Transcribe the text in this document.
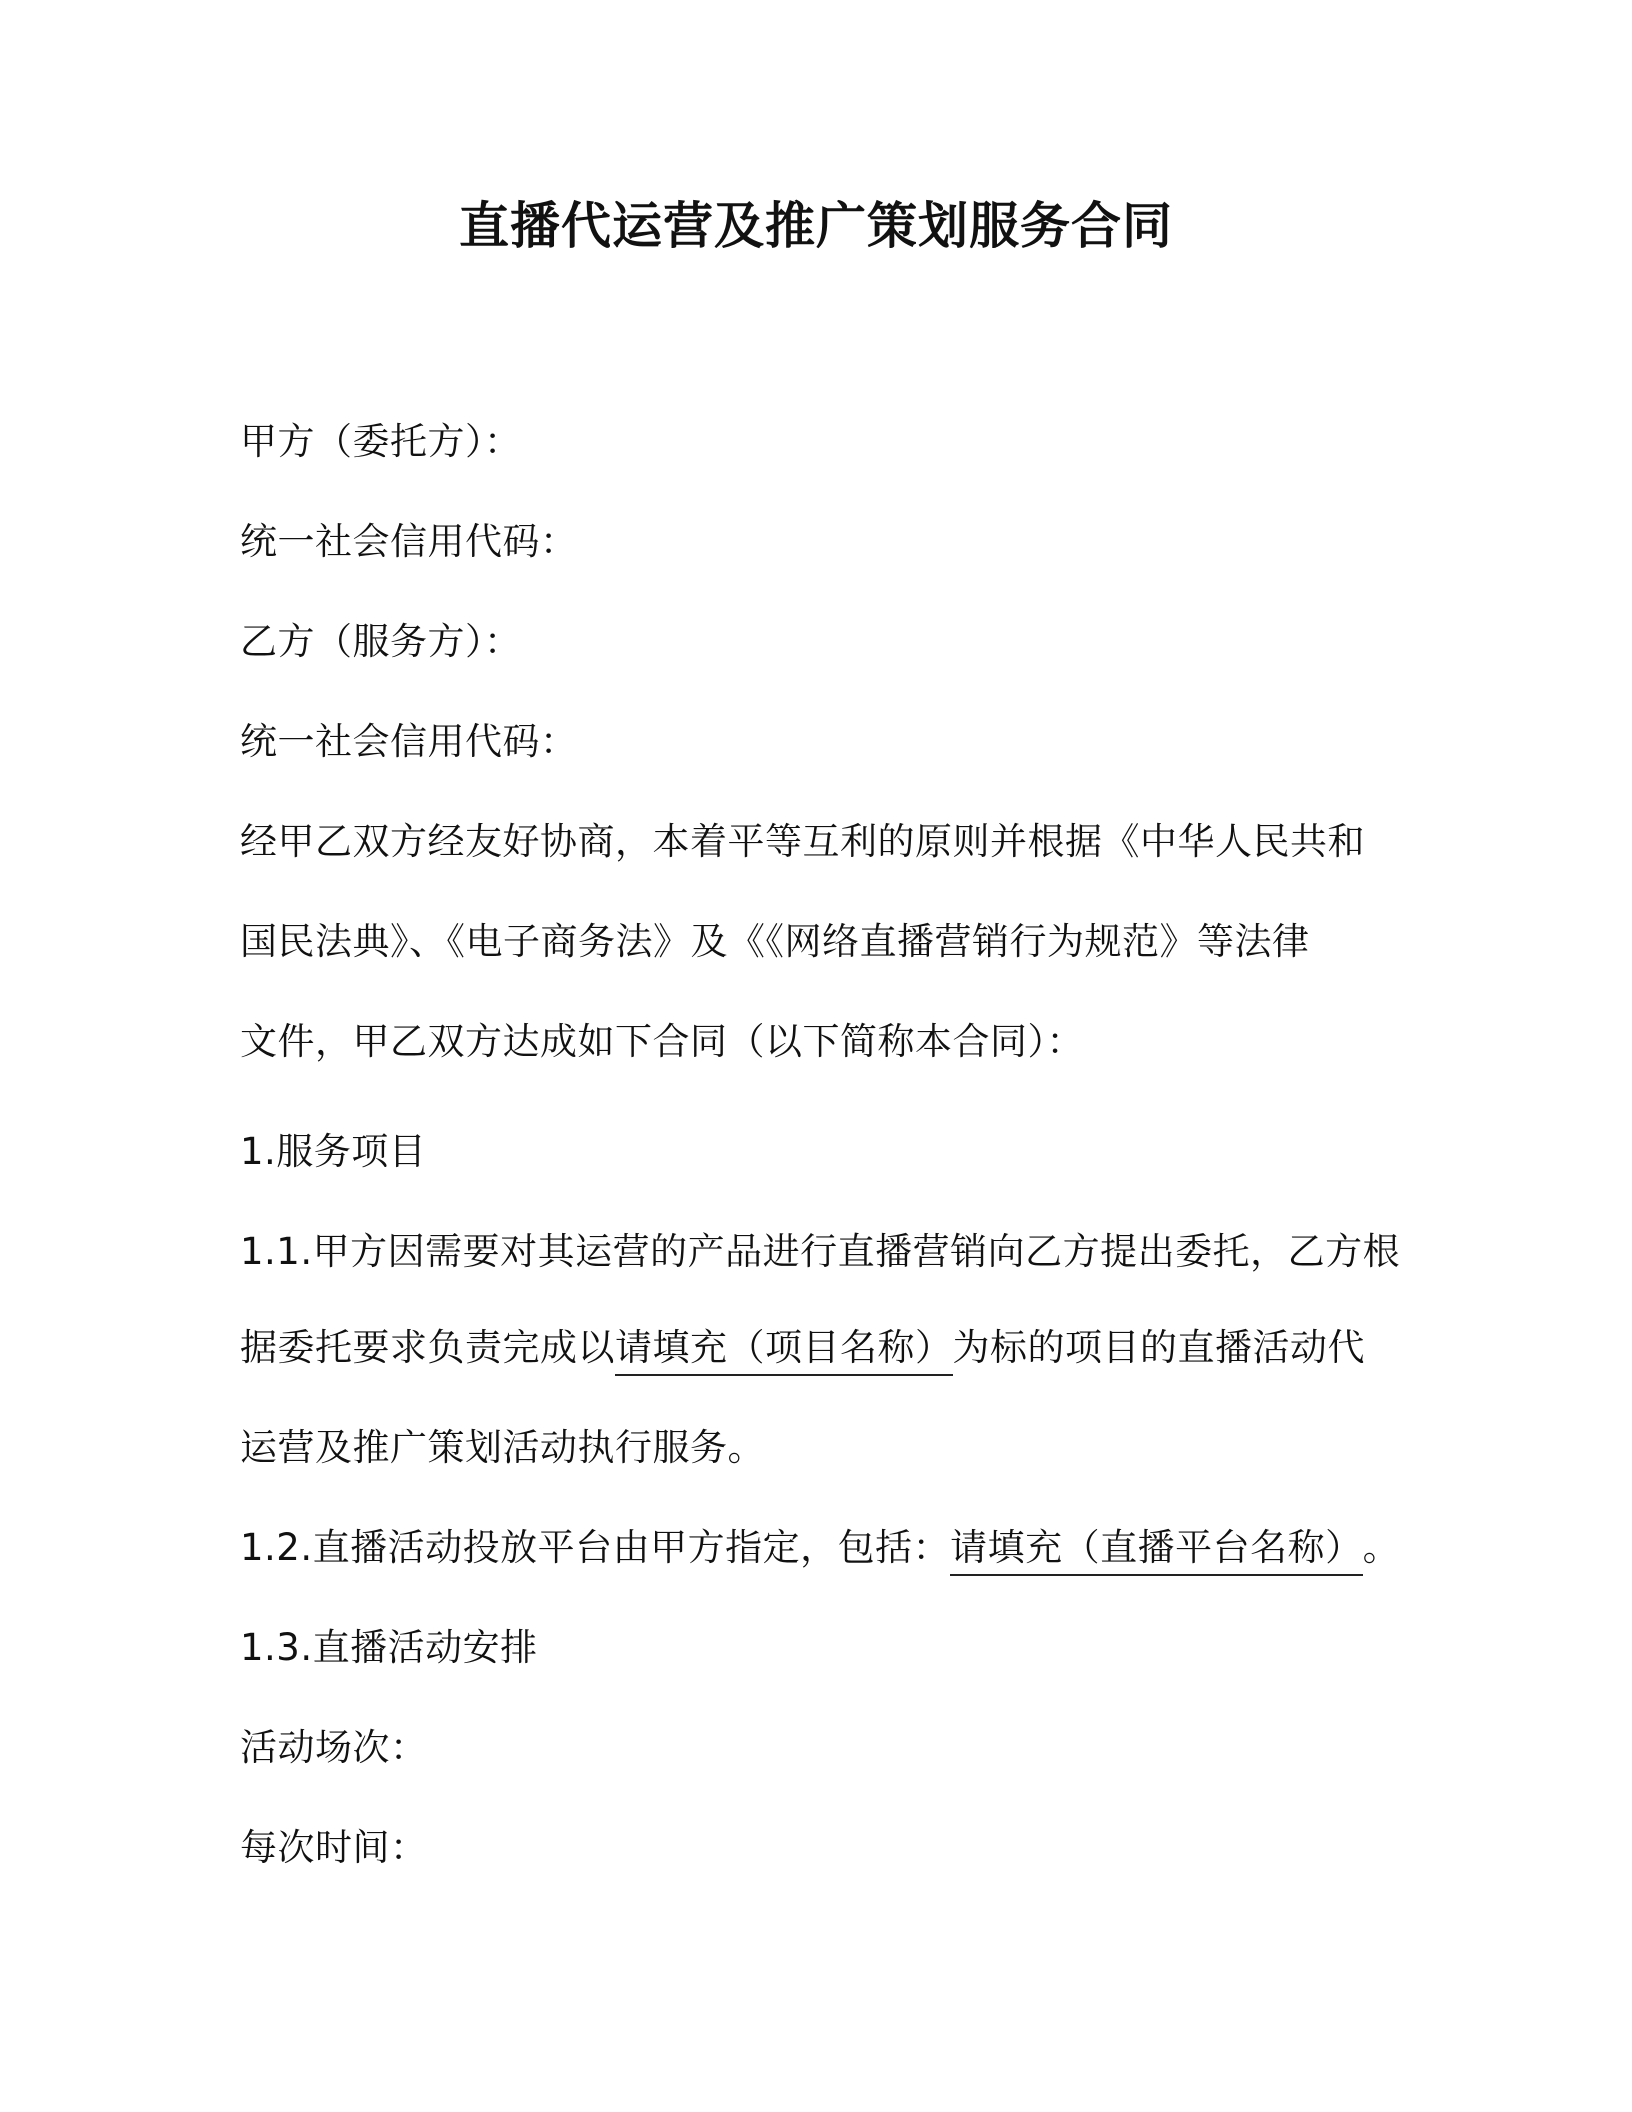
直播代运营及推广策划服务合同
甲方（委托方）：
统一社会信用代码：
乙方（服务方）：
统一社会信用代码：
经甲乙双方经友好协商，本着平等互利的原则并根据《中华人民共和
国民法典》、《电子商务法》及《《网络直播营销行为规范》等法律
文件，甲乙双方达成如下合同（以下简称本合同）：
1.服务项目
1.1.甲方因需要对其运营的产品进行直播营销向乙方提出委托，乙方根
据委托要求负责完成以请填充（项目名称）为标的项目的直播活动代
运营及推广策划活动执行服务。
1.2.直播活动投放平台由甲方指定，包括：请填充（直播平台名称）。
1.3.直播活动安排
活动场次：
每次时间：
